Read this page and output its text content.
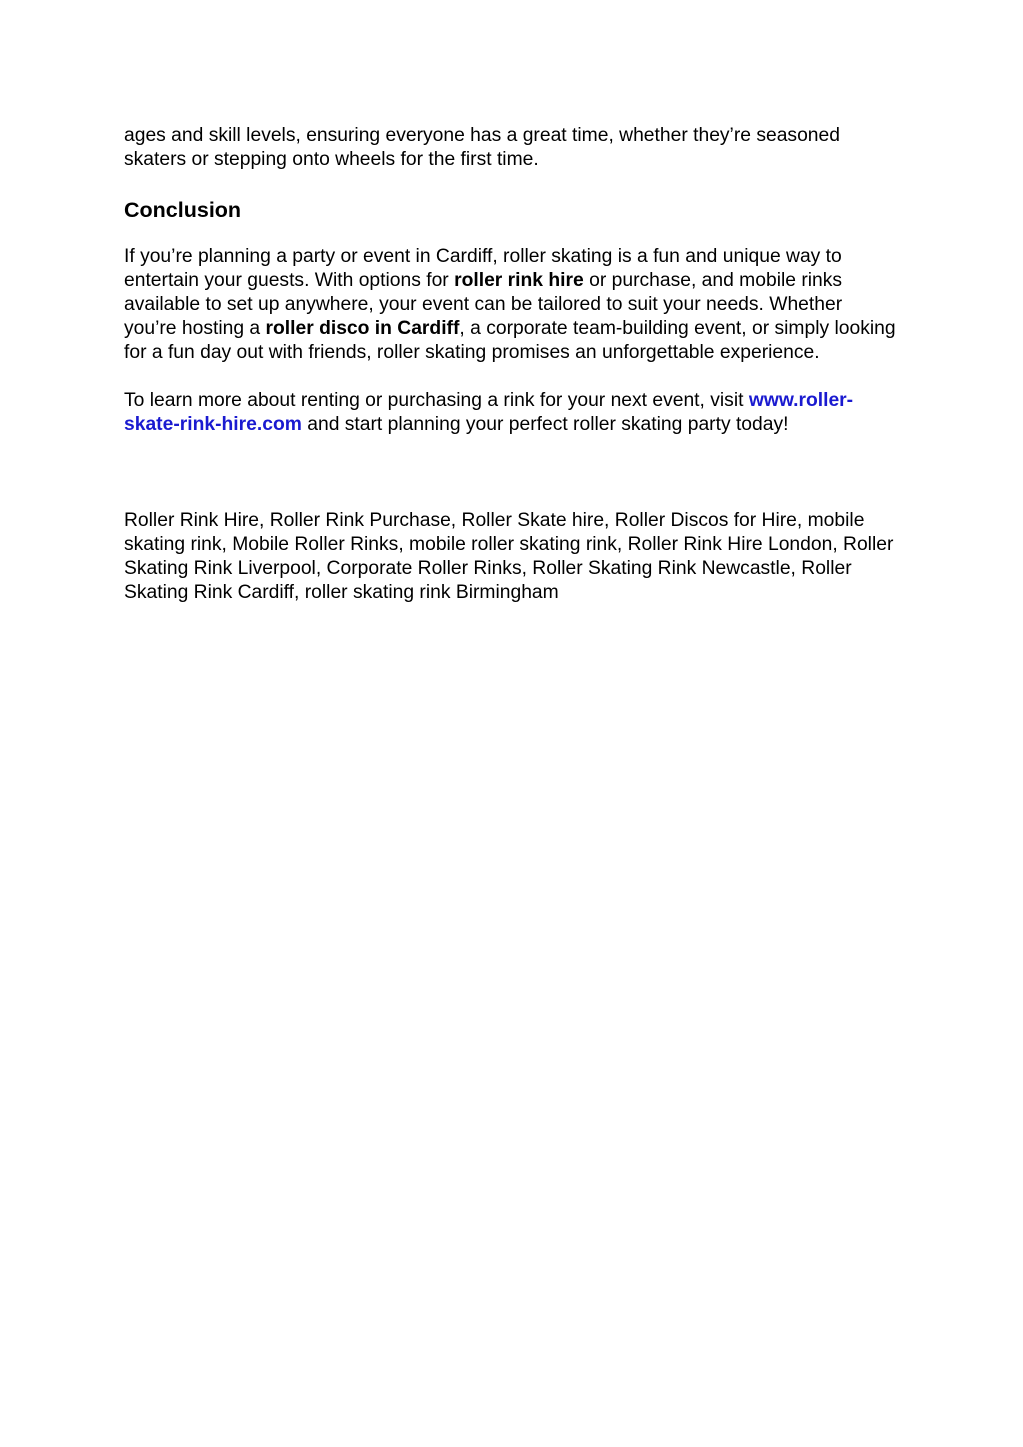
ages and skill levels, ensuring everyone has a great time, whether they’re seasoned skaters or stepping onto wheels for the first time.

Conclusion

If you’re planning a party or event in Cardiff, roller skating is a fun and unique way to entertain your guests. With options for roller rink hire or purchase, and mobile rinks available to set up anywhere, your event can be tailored to suit your needs. Whether you’re hosting a roller disco in Cardiff, a corporate team-building event, or simply looking for a fun day out with friends, roller skating promises an unforgettable experience.

To learn more about renting or purchasing a rink for your next event, visit www.roller-skate-rink-hire.com and start planning your perfect roller skating party today!

Roller Rink Hire, Roller Rink Purchase, Roller Skate hire, Roller Discos for Hire, mobile skating rink, Mobile Roller Rinks, mobile roller skating rink, Roller Rink Hire London, Roller Skating Rink Liverpool, Corporate Roller Rinks, Roller Skating Rink Newcastle, Roller Skating Rink Cardiff, roller skating rink Birmingham
